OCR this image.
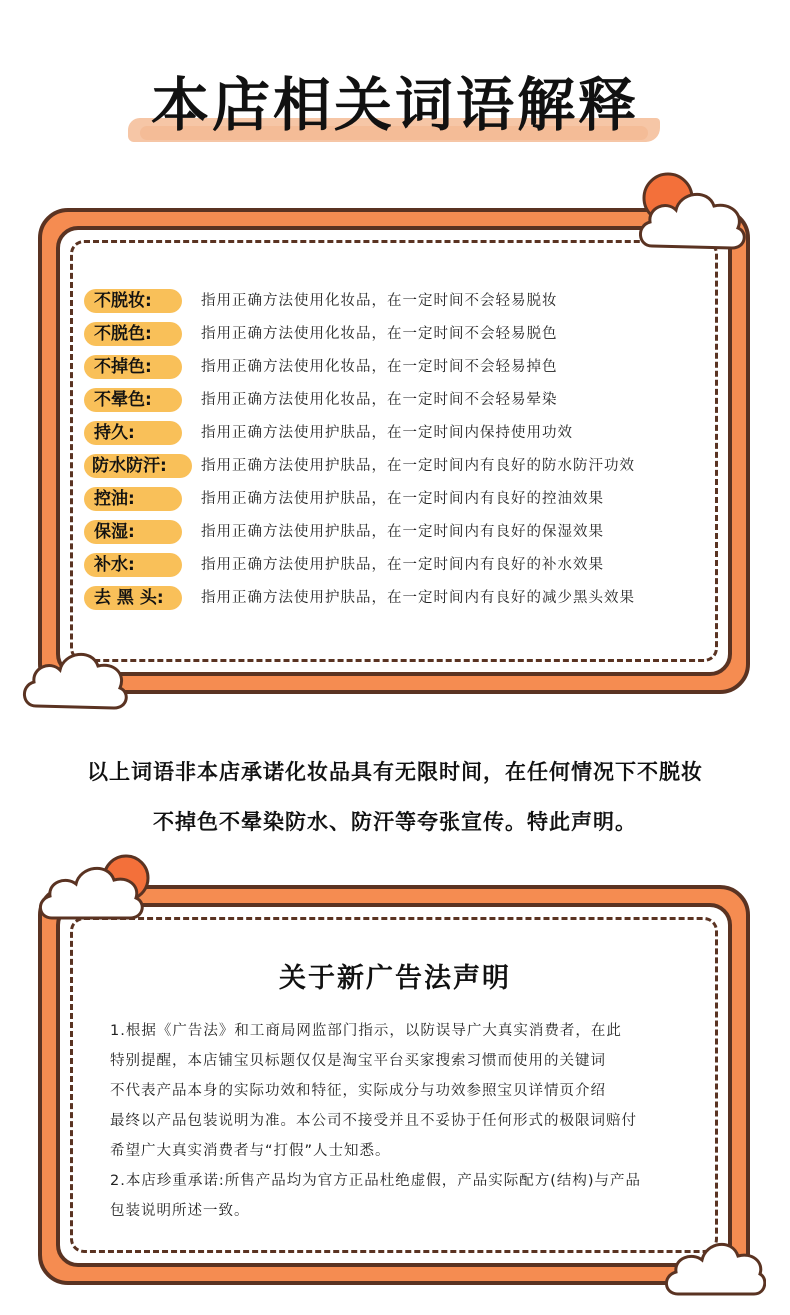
本店相关词语解释
不脱妆:	指用正确方法使用化妆品，在一定时间不会轻易脱妆
不脱色:	指用正确方法使用化妆品，在一定时间不会轻易脱色
不掉色:	指用正确方法使用化妆品，在一定时间不会轻易掉色
不晕色:	指用正确方法使用化妆品，在一定时间不会轻易晕染
持久:	指用正确方法使用护肤品，在一定时间内保持使用功效
防水防汗:	指用正确方法使用护肤品，在一定时间内有良好的防水防汗功效
控油:	指用正确方法使用护肤品，在一定时间内有良好的控油效果
保湿:	指用正确方法使用护肤品，在一定时间内有良好的保湿效果
补水:	指用正确方法使用护肤品，在一定时间内有良好的补水效果
去 黑 头:	指用正确方法使用护肤品，在一定时间内有良好的减少黑头效果
以上词语非本店承诺化妆品具有无限时间，在任何情况下不脱妆
不掉色不晕染防水、防汗等夸张宣传。特此声明。
关于新广告法声明
1.根据《广告法》和工商局网监部门指示，以防误导广大真实消费者，在此
特别提醒，本店铺宝贝标题仅仅是淘宝平台买家搜索习惯而使用的关键词
不代表产品本身的实际功效和特征，实际成分与功效参照宝贝详情页介绍
最终以产品包装说明为准。本公司不接受并且不妥协于任何形式的极限词赔付
希望广大真实消费者与“打假”人士知悉。
2.本店珍重承诺:所售产品均为官方正品杜绝虚假，产品实际配方(结构)与产品
包装说明所述一致。
